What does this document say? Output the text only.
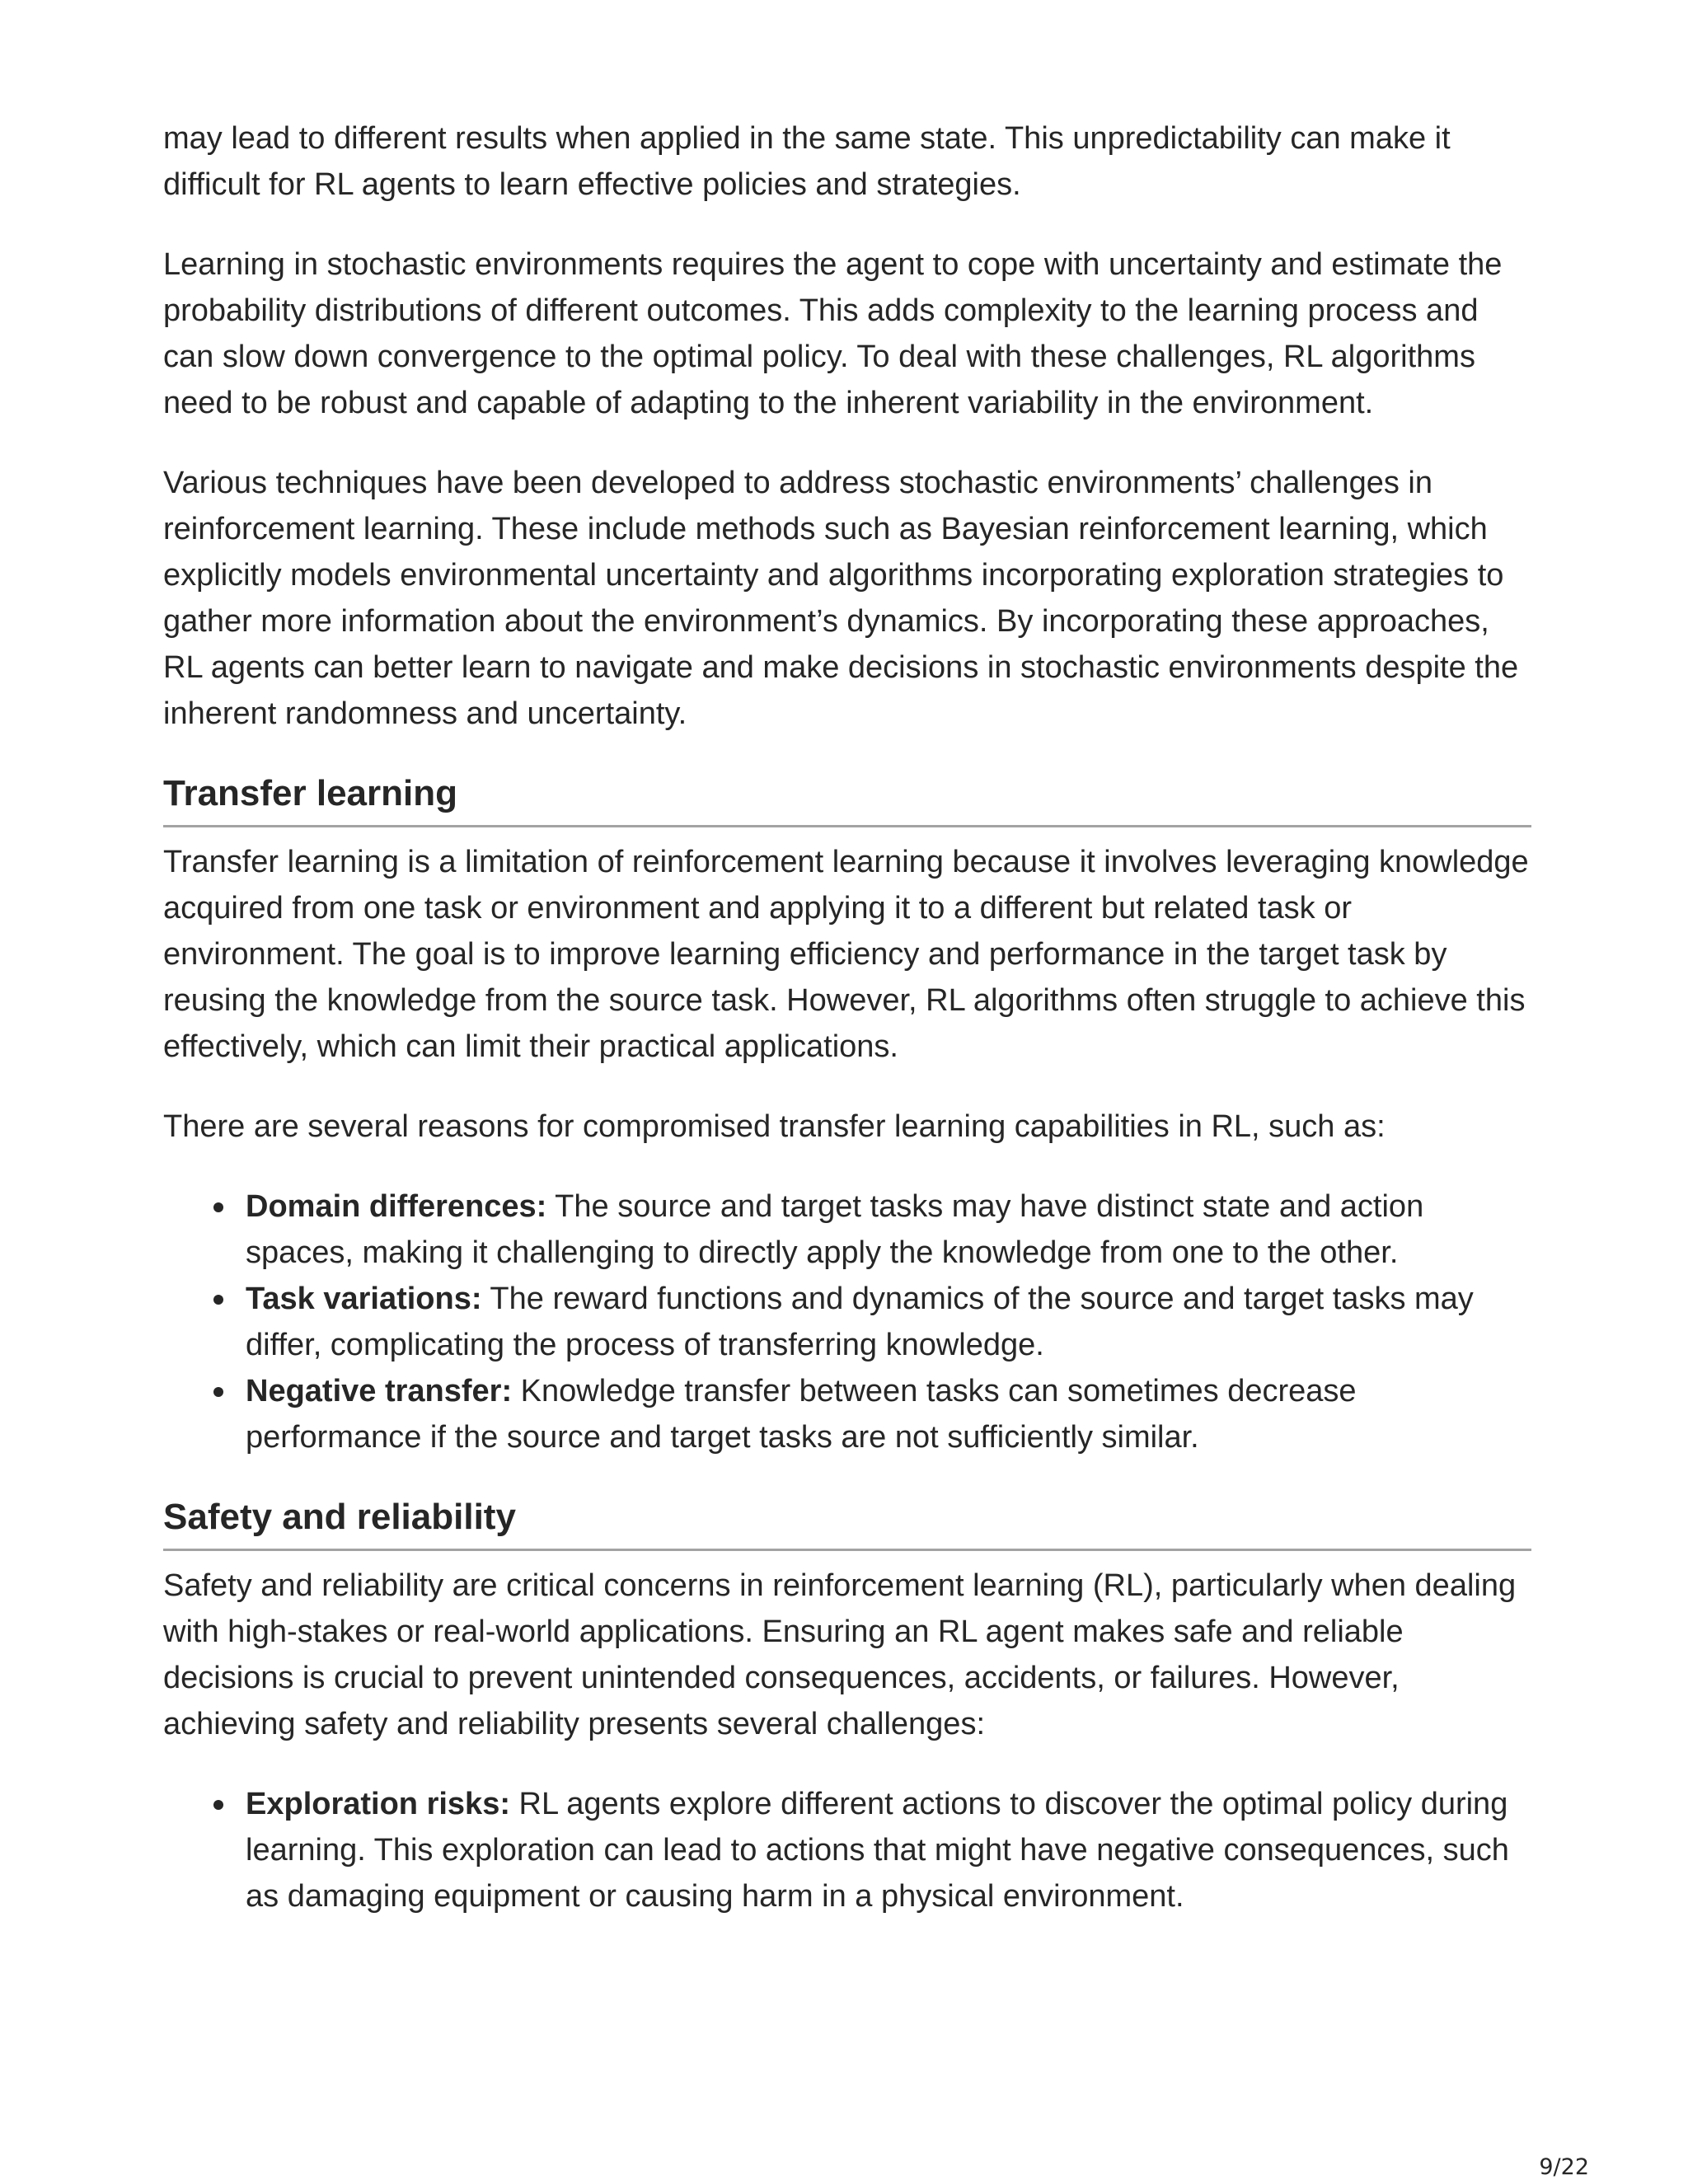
may lead to different results when applied in the same state. This unpredictability can make it difficult for RL agents to learn effective policies and strategies.

Learning in stochastic environments requires the agent to cope with uncertainty and estimate the probability distributions of different outcomes. This adds complexity to the learning process and can slow down convergence to the optimal policy. To deal with these challenges, RL algorithms need to be robust and capable of adapting to the inherent variability in the environment.

Various techniques have been developed to address stochastic environments’ challenges in reinforcement learning. These include methods such as Bayesian reinforcement learning, which explicitly models environmental uncertainty and algorithms incorporating exploration strategies to gather more information about the environment’s dynamics. By incorporating these approaches, RL agents can better learn to navigate and make decisions in stochastic environments despite the inherent randomness and uncertainty.

Transfer learning

Transfer learning is a limitation of reinforcement learning because it involves leveraging knowledge acquired from one task or environment and applying it to a different but related task or environment. The goal is to improve learning efficiency and performance in the target task by reusing the knowledge from the source task. However, RL algorithms often struggle to achieve this effectively, which can limit their practical applications.

There are several reasons for compromised transfer learning capabilities in RL, such as:

Domain differences: The source and target tasks may have distinct state and action spaces, making it challenging to directly apply the knowledge from one to the other.
Task variations: The reward functions and dynamics of the source and target tasks may differ, complicating the process of transferring knowledge.
Negative transfer: Knowledge transfer between tasks can sometimes decrease performance if the source and target tasks are not sufficiently similar.
Safety and reliability

Safety and reliability are critical concerns in reinforcement learning (RL), particularly when dealing with high-stakes or real-world applications. Ensuring an RL agent makes safe and reliable decisions is crucial to prevent unintended consequences, accidents, or failures. However, achieving safety and reliability presents several challenges:

Exploration risks: RL agents explore different actions to discover the optimal policy during learning. This exploration can lead to actions that might have negative consequences, such as damaging equipment or causing harm in a physical environment.
9/22
